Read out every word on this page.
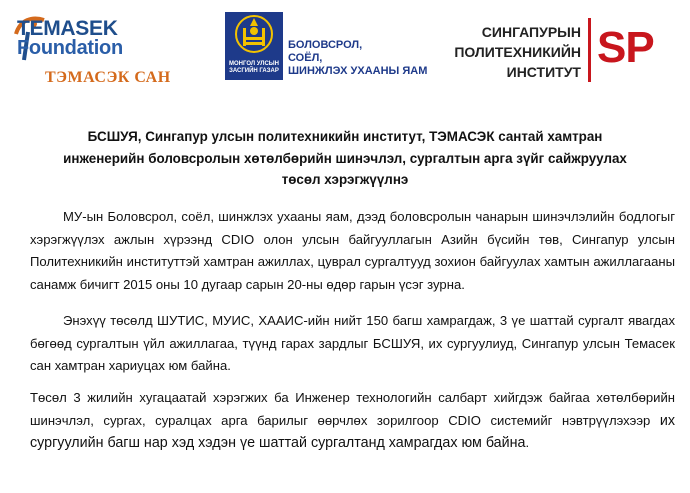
TEMASEK
Foundation
ТЭМАСЭК САН
МОНГОЛ УЛСЫН
ЗАСГИЙН ГАЗАР
БОЛОВСРОЛ,
СОЁЛ,
ШИНЖЛЭХ УХААНЫ ЯАМ
СИНГАПУРЫН
ПОЛИТЕХНИКИЙН
ИНСТИТУТ SP
БСШУЯ, Сингапур улсын политехникийн институт, ТЭМАСЭК сантай хамтран
инженерийн боловсролын хөтөлбөрийн шинэчлэл, сургалтын арга зүйг сайжруулах
төсөл хэрэгжүүлнэ
МУ-ын Боловсрол, соёл, шинжлэх ухааны яам, дээд боловсролын чанарын шинэчлэлийн бодлогыг хэрэгжүүлэх ажлын хүрээнд CDIO олон улсын байгууллагын Азийн бүсийн төв, Сингапур улсын Политехникийн институттэй хамтран ажиллах, цуврал сургалтууд зохион байгуулах хамтын ажиллагааны санамж бичигт 2015 оны 10 дугаар сарын 20-ны өдөр гарын үсэг зурна.
Энэхүү төсөлд ШУТИС, МУИС, ХААИС-ийн нийт 150 багш хамрагдаж, 3 үе шаттай сургалт явагдах бөгөөд сургалтын үйл ажиллагаа, түүнд гарах зардлыг БСШУЯ, их сургуулиуд, Сингапур улсын Темасек сан хамтран хариуцах юм байна.
Төсөл 3 жилийн хугацаатай хэрэгжих ба Инженер технологийн салбарт хийгдэж байгаа хөтөлбөрийн шинэчлэл, сургах, суралцах арга барилыг өөрчлөх зорилгоор CDIO системийг нэвтрүүлэхээр их сургуулийн багш нар хэд хэдэн үе шаттай сургалтанд хамрагдах юм байна.
